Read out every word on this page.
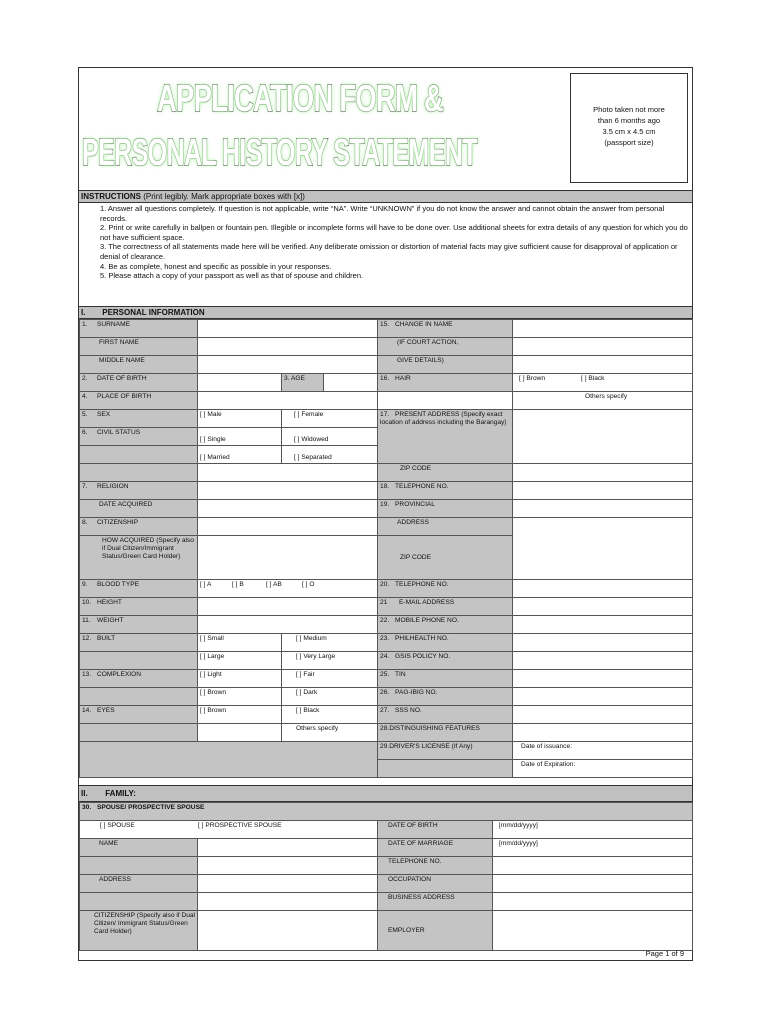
APPLICATION FORM &
PERSONAL HISTORY STATEMENT
Photo taken not more
than 6 months ago
3.5 cm x 4.5 cm
(passport size)
INSTRUCTIONS (Print legibly. Mark appropriate boxes with [x])

1. Answer all questions completely. If question is not applicable, write “NA”. Write “UNKNOWN” if you do not know the answer and cannot obtain the answer from personal records.

2. Print or write carefully in ballpen or fountain pen. Illegible or incomplete forms will have to be done over. Use additional sheets for extra details of any question for which you do not have sufficient space.

3. The correctness of all statements made here will be verified. Any deliberate omission or distortion of material facts may give sufficient cause for disapproval of application or denial of clearance.

4. Be as complete, honest and specific as possible in your responses.

5. Please attach a copy of your passport as well as that of spouse and children.

I. PERSONAL INFORMATION
1. SURNAME				15. CHANGE IN NAME	
FIRST NAME				(IF COURT ACTION,	
MIDDLE NAME				GIVE DETAILS)	
2. DATE OF BIRTH		3. AGE		16. HAIR	[ ] Brown [ ] Black
4. PLACE OF BIRTH					Others specify
5. SEX	[ ] Male	[ ] Female		17. PRESENT ADDRESS (Specify exact location of address including the Barangay)	
6. CIVIL STATUS	[ ] Single	[ ] Widowed			
	[ ] Married	[ ] Separated			
				ZIP CODE	
7. RELIGION				18. TELEPHONE NO.	
DATE ACQUIRED				19. PROVINCIAL	
8. CITIZENSHIP				ADDRESS	
HOW ACQUIRED (Specify also if Dual Citizen/Immigrant Status/Green Card Holder)				ZIP CODE	
9. BLOOD TYPE	[ ] A [ ] B [ ] AB [ ] O			20. TELEPHONE NO.	
10. HEIGHT				21 E-MAIL ADDRESS	
11. WEIGHT				22. MOBILE PHONE NO.	
12. BUILT	[ ] Small	[ ] Medium		23. PHILHEALTH NO.	
	[ ] Large	[ ] Very Large		24. GSIS POLICY NO.	
13. COMPLEXION	[ ] Light	[ ] Fair		25. TIN	
	[ ] Brown	[ ] Dark		26. PAG-IBIG NO.	
14. EYES	[ ] Brown	[ ] Black		27. SSS NO.	
		Others specify		28.DISTINGUISHING FEATURES	
				29.DRIVER'S LICENSE (If Any)	Date of issuance:
					Date of Expiration:
II. FAMILY:
30. SPOUSE/ PROSPECTIVE SPOUSE			
[ ] SPOUSE [ ] PROSPECTIVE SPOUSE		DATE OF BIRTH	[mm/dd/yyyy]
NAME		DATE OF MARRIAGE	[mm/dd/yyyy]
		TELEPHONE NO.	
ADDRESS		OCCUPATION	
		BUSINESS ADDRESS	
CITIZENSHIP (Specify also if Dual Citizen/ Immigrant Status/Green Card Holder)		EMPLOYER	
Page 1 of 9
